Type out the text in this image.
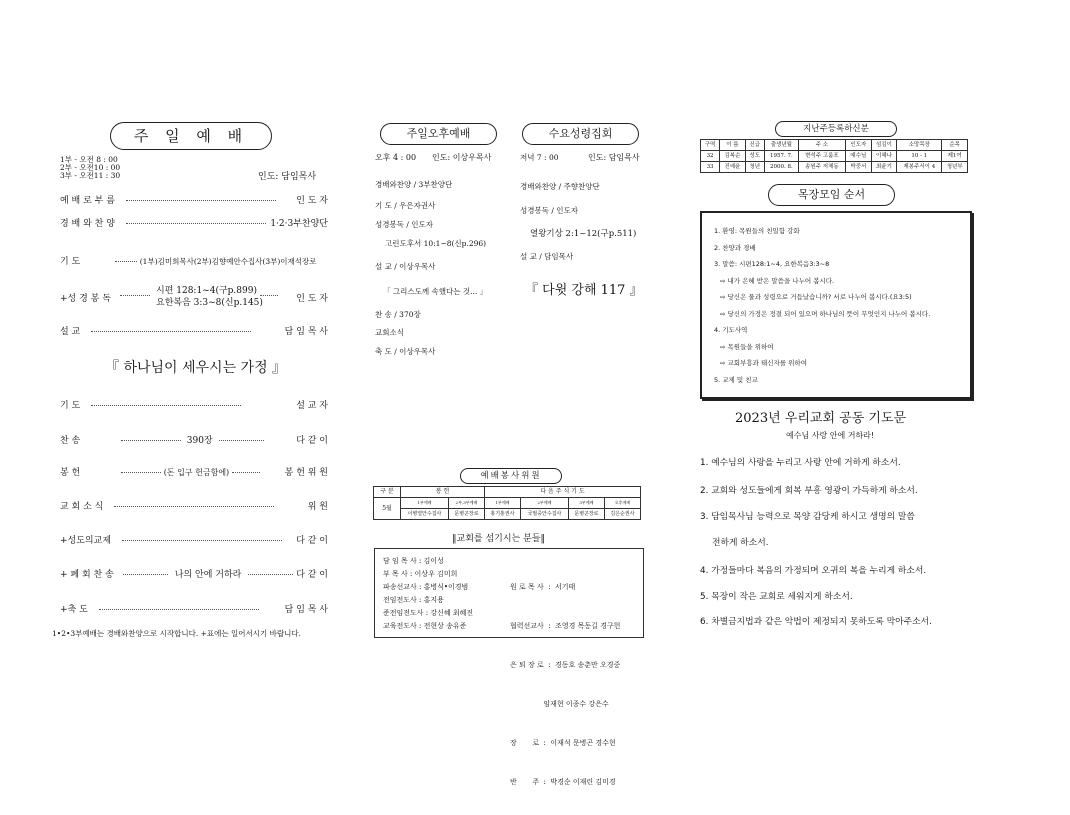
주 일 예 배
1부 - 오전 8 : 00
2부 - 오전10 : 00
3부 - 오전11 : 30	인도: 담임목사
예 배 로 부 름	인 도 자
경 배 와 찬 양	1·2·3부찬양단
기 도	(1부)김미희목사(2부)김향예안수집사(3부)이재석장로
+성 경 봉 독
시편 128:1~4(구p.899)
요한복음 3:3~8(신p.145)	인 도 자
설 교	담 임 목 사
『 하나님이 세우시는 가정 』
기 도	설 교 자
찬 송	390장	다 같 이
봉 헌	(돈 입구 헌금함에)	봉 헌 위 원
교 회 소 식	위 원
+성도의교제	다 같 이
+ 폐 회 찬 송	나의 안에 거하라	다 같 이
+축 도	담 임 목 사
1•2•3부예배는 경배와찬양으로 시작합니다. +표에는 일어서시기 바랍니다.
주일오후예배	수요성령집회
오후 4 : 00 인도: 이상우목사	저녁 7 : 00	인도: 담임목사
경배와찬양 / 3부찬양단
기 도 / 우은자권사
성경봉독 / 인도자
고린도후서 10:1~8(신p.296)
설 교 / 이상우목사
「 그리스도께 속했다는 것... 」
찬 송 / 370장
교회소식
축 도 / 이상우목사
경배와찬양 / 주향찬양단
성경봉독 / 인도자
열왕기상 2:1~12(구p.511)
설 교 / 담임목사
『 다윗 강해 117 』
예배봉사위원
구 분	봉 헌		다 음 주 식 기 도			
5월	1부예배	2부,3부예배	1부예배	2부예배	3부예배	오후예배
	이병열안수집사	문병곤장로	홍기홍권사	국필중안수집사	문병곤장로	김은순권사
‖교회를 섬기시는 분들‖
담 임 목 사 : 김이성
부 목 사 : 이상우 김미희
파송선교사 : 홍병식•이경범
전임전도사 : 홍지용
준전임전도사 : 강신혜 최혜진
교육전도사 : 전현상 송유준

원 로 목 사  :  서기태

협력선교사  :  조영경 목동길 경구헌

은 퇴 장 로  :  경동호 송춘만 오경중

임재현 이종수 강은수

장       로  :  이재석 문병곤 경수현

반       주  :  박경순 이재린 김미경

지난주등록하신분
구역	이 름	신급	출생년월	주 소	인도자	섬김이	소망목장	순목
32	김복순	성도	1957. 7.	변석주 고룸포	예수님	이혜나	10 - 1	제1여
33	진예윤	청년	2000. 8.	송원주 저체동	박중서	최윤기	제봉주서이 4	청년부
목장모임 순서
1. 환영: 목원들의 친밀함 강화
2. 찬양과 경배
3. 말씀: 시편128:1~4, 요한복음3:3~8
⇨ 내가 은혜 받은 말씀을 나누어 봅시다.
⇨ 당신은 물과 성령으로 거듭났습니까? 서로 나누어 봅시다.(요3:5)
⇨ 당신의 가정은 정결 되어 있으며 하나님의 뜻이 무엇인지 나누어 봅시다.
4. 기도사역
⇨ 목원들을 위하여
⇨ 교회부흥과 태신자를 위하여
5. 교제 및 친교
2023년 우리교회 공동 기도문
예수님 사랑 안에 거하라!
1. 예수님의 사랑을 누리고 사랑 안에 거하게 하소서.
2. 교회와 성도들에게 회복 부흥 영광이 가득하게 하소서.
3. 담임목사님 능력으로 목양 감당케 하시고 생명의 말씀
전하게 하소서.
4. 가정들마다 복음의 가정되며 오귀의 복을 누리게 하소서.
5. 목장이 작은 교회로 세워지게 하소서.
6. 차별금지법과 같은 악법이 제정되지 못하도록 막아주소서.
